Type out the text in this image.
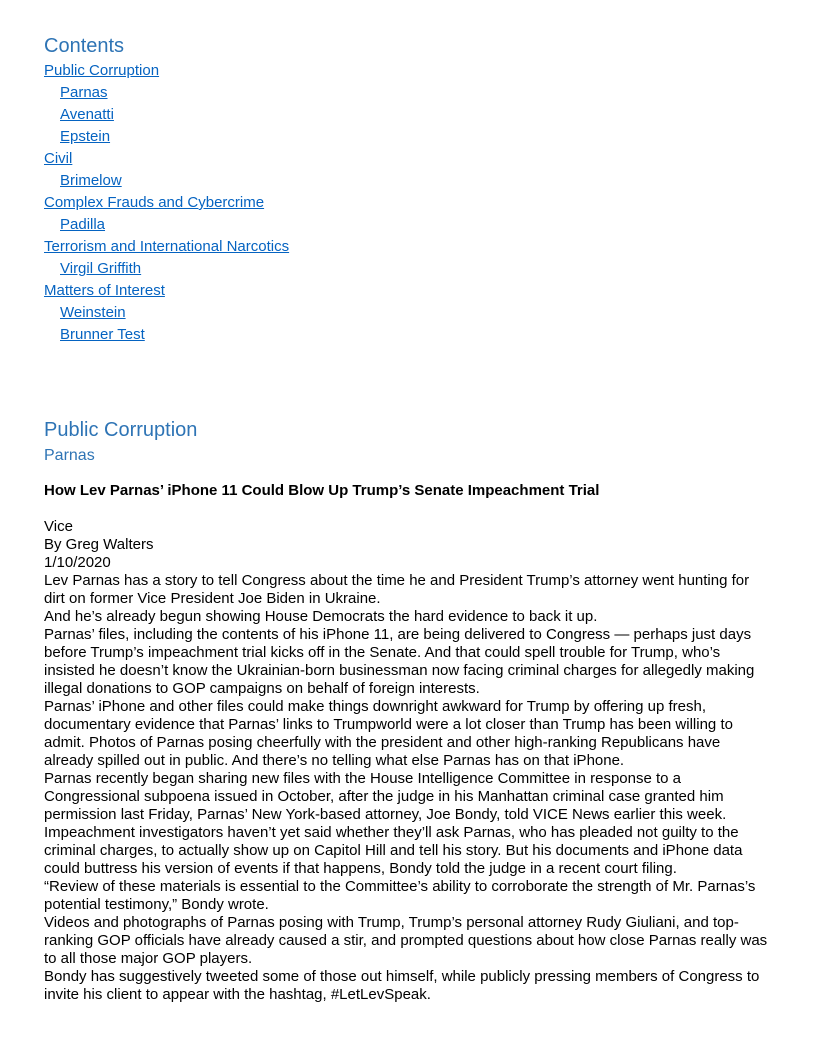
Contents
Public Corruption
Parnas
Avenatti
Epstein
Civil
Brimelow
Complex Frauds and Cybercrime
Padilla
Terrorism and International Narcotics
Virgil Griffith
Matters of Interest
Weinstein
Brunner Test
Public Corruption
Parnas

How Lev Parnas’ iPhone 11 Could Blow Up Trump’s Senate Impeachment Trial

Vice

By Greg Walters

1/10/2020

Lev Parnas has a story to tell Congress about the time he and President Trump’s attorney went hunting for dirt on former Vice President Joe Biden in Ukraine.

And he’s already begun showing House Democrats the hard evidence to back it up.

Parnas’ files, including the contents of his iPhone 11, are being delivered to Congress — perhaps just days before Trump’s impeachment trial kicks off in the Senate. And that could spell trouble for Trump, who’s insisted he doesn’t know the Ukrainian-born businessman now facing criminal charges for allegedly making illegal donations to GOP campaigns on behalf of foreign interests.

Parnas’ iPhone and other files could make things downright awkward for Trump by offering up fresh, documentary evidence that Parnas’ links to Trumpworld were a lot closer than Trump has been willing to admit. Photos of Parnas posing cheerfully with the president and other high-ranking Republicans have already spilled out in public. And there’s no telling what else Parnas has on that iPhone.

Parnas recently began sharing new files with the House Intelligence Committee in response to a Congressional subpoena issued in October, after the judge in his Manhattan criminal case granted him permission last Friday, Parnas’ New York-based attorney, Joe Bondy, told VICE News earlier this week.

Impeachment investigators haven’t yet said whether they’ll ask Parnas, who has pleaded not guilty to the criminal charges, to actually show up on Capitol Hill and tell his story. But his documents and iPhone data could buttress his version of events if that happens, Bondy told the judge in a recent court filing.

“Review of these materials is essential to the Committee’s ability to corroborate the strength of Mr. Parnas’s potential testimony,” Bondy wrote.

Videos and photographs of Parnas posing with Trump, Trump’s personal attorney Rudy Giuliani, and top-ranking GOP officials have already caused a stir, and prompted questions about how close Parnas really was to all those major GOP players.

Bondy has suggestively tweeted some of those out himself, while publicly pressing members of Congress to invite his client to appear with the hashtag, #LetLevSpeak.
